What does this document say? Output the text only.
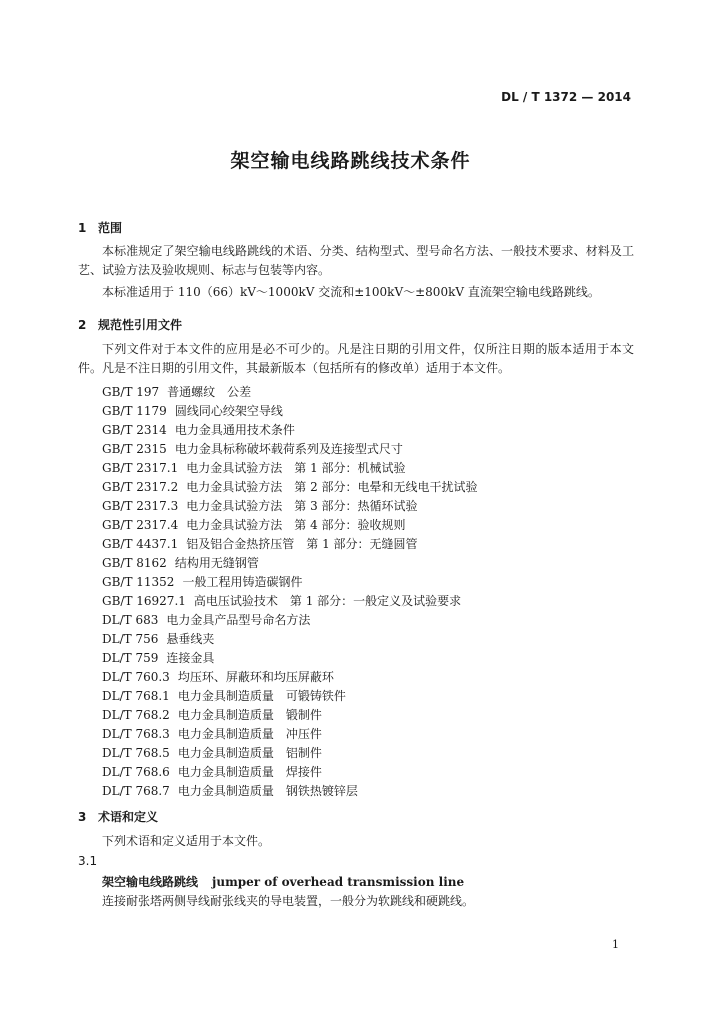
DL / T 1372 — 2014
架空输电线路跳线技术条件
1 范围
本标准规定了架空输电线路跳线的术语、分类、结构型式、型号命名方法、一般技术要求、材料及工艺、试验方法及验收规则、标志与包装等内容。
本标准适用于 110（66）kV～1000kV 交流和±100kV～±800kV 直流架空输电线路跳线。
2 规范性引用文件
下列文件对于本文件的应用是必不可少的。凡是注日期的引用文件，仅所注日期的版本适用于本文件。凡是不注日期的引用文件，其最新版本（包括所有的修改单）适用于本文件。
GB/T 197 普通螺纹　公差
GB/T 1179 圆线同心绞架空导线
GB/T 2314 电力金具通用技术条件
GB/T 2315 电力金具标称破坏载荷系列及连接型式尺寸
GB/T 2317.1 电力金具试验方法　第 1 部分：机械试验
GB/T 2317.2 电力金具试验方法　第 2 部分：电晕和无线电干扰试验
GB/T 2317.3 电力金具试验方法　第 3 部分：热循环试验
GB/T 2317.4 电力金具试验方法　第 4 部分：验收规则
GB/T 4437.1 铝及铝合金热挤压管　第 1 部分：无缝圆管
GB/T 8162 结构用无缝钢管
GB/T 11352 一般工程用铸造碳钢件
GB/T 16927.1 高电压试验技术　第 1 部分：一般定义及试验要求
DL/T 683 电力金具产品型号命名方法
DL/T 756 悬垂线夹
DL/T 759 连接金具
DL/T 760.3 均压环、屏蔽环和均压屏蔽环
DL/T 768.1 电力金具制造质量　可锻铸铁件
DL/T 768.2 电力金具制造质量　锻制件
DL/T 768.3 电力金具制造质量　冲压件
DL/T 768.5 电力金具制造质量　铝制件
DL/T 768.6 电力金具制造质量　焊接件
DL/T 768.7 电力金具制造质量　钢铁热镀锌层
3 术语和定义
下列术语和定义适用于本文件。
3.1
架空输电线路跳线 jumper of overhead transmission line
连接耐张塔两侧导线耐张线夹的导电装置，一般分为软跳线和硬跳线。
1
